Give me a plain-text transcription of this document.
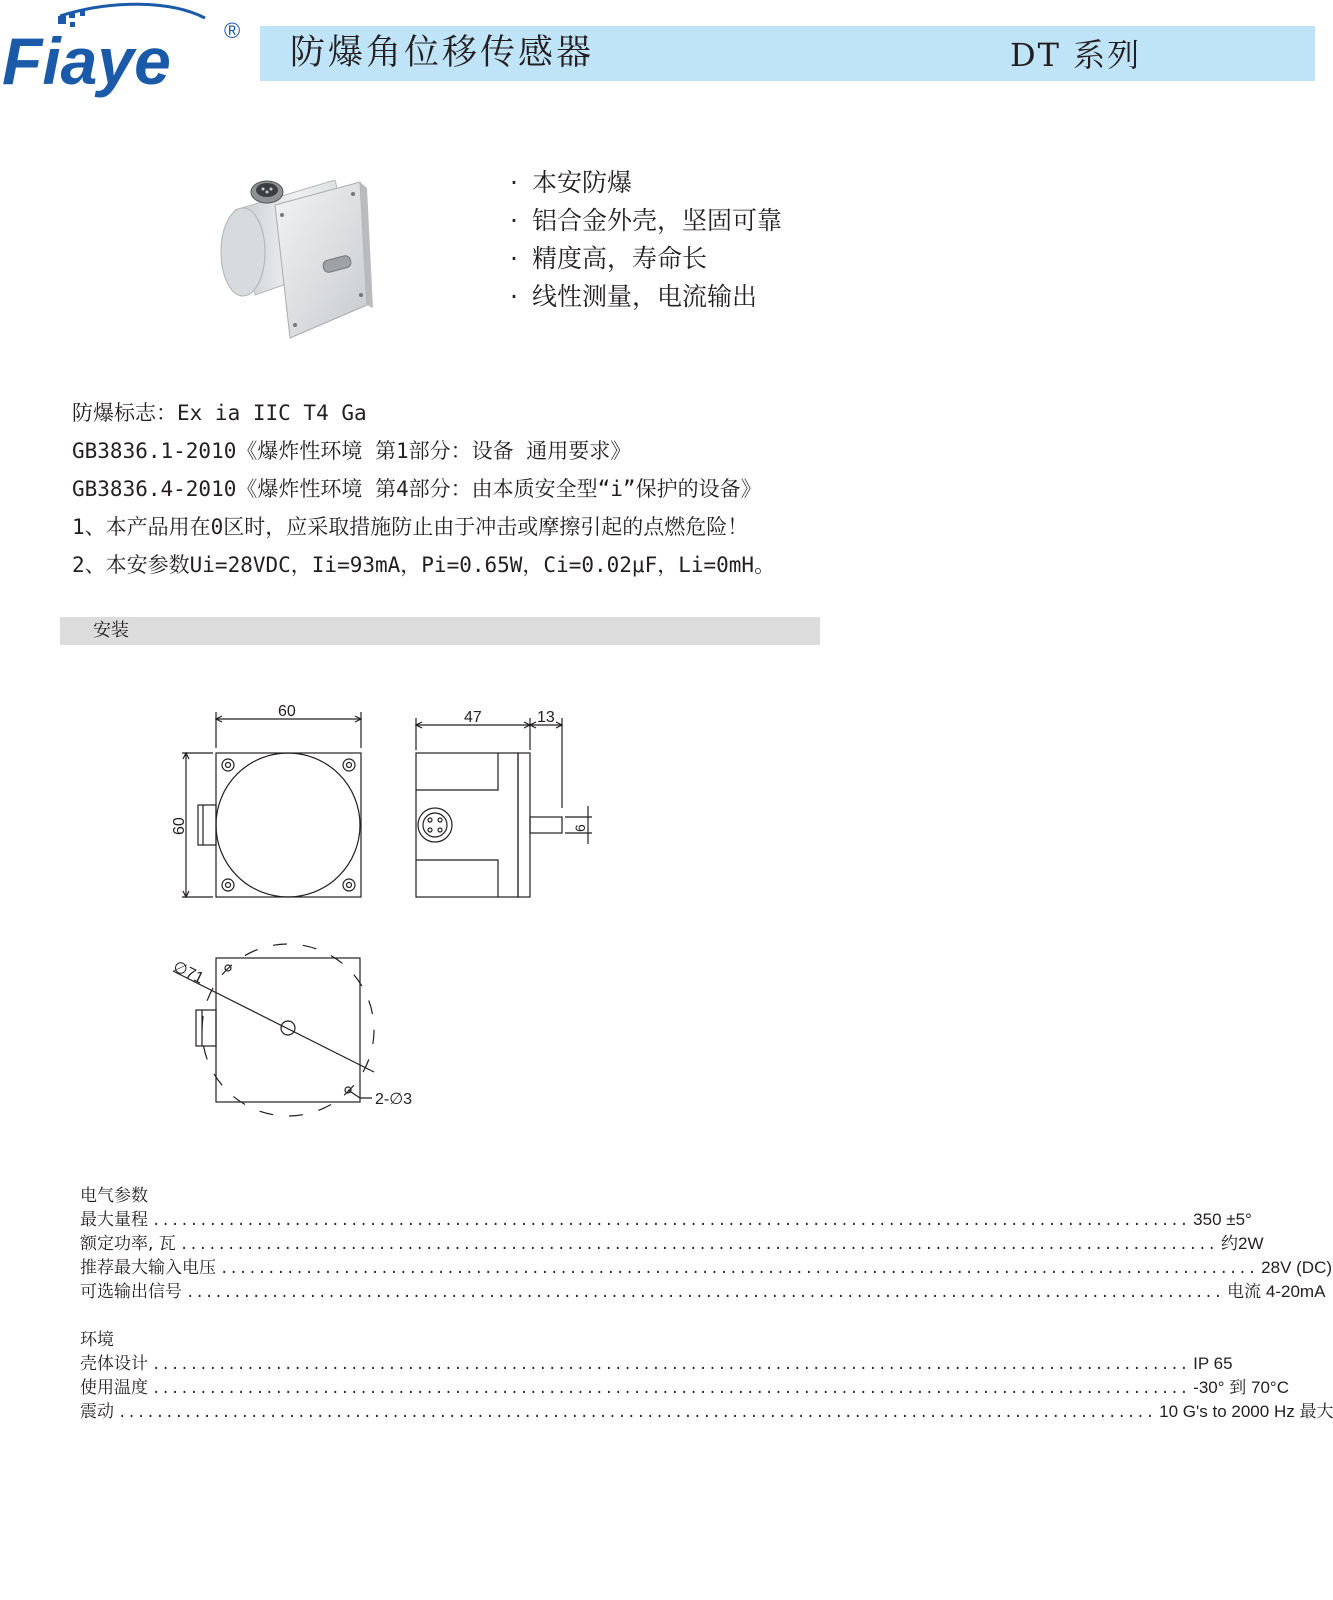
Fiaye ®
防爆角位移传感器	DT 系列
· 本安防爆
· 铝合金外壳，坚固可靠
· 精度高，寿命长
· 线性测量，电流输出
防爆标志：Ex ia IIC T4 Ga
GB3836.1-2010《爆炸性环境 第1部分：设备 通用要求》
GB3836.4-2010《爆炸性环境 第4部分：由本质安全型“i”保护的设备》
1、本产品用在0区时，应采取措施防止由于冲击或摩擦引起的点燃危险！
2、本安参数Ui=28VDC，Ii=93mA，Pi=0.65W，Ci=0.02μF，Li=0mH。
安装
60
60
47	13
6
∅71
2-∅3
电气参数
最大量程 .............................................................................................................. 350 ±5°
额定功率, 瓦 .............................................................................................................. 约2W
推荐最大输入电压 .............................................................................................................. 28V (DC)
可选输出信号 .............................................................................................................. 电流 4-20mA
环境
壳体设计 .............................................................................................................. IP 65
使用温度 .............................................................................................................. -30° 到 70°C
震动 .............................................................................................................. 10 G's to 2000 Hz 最大
